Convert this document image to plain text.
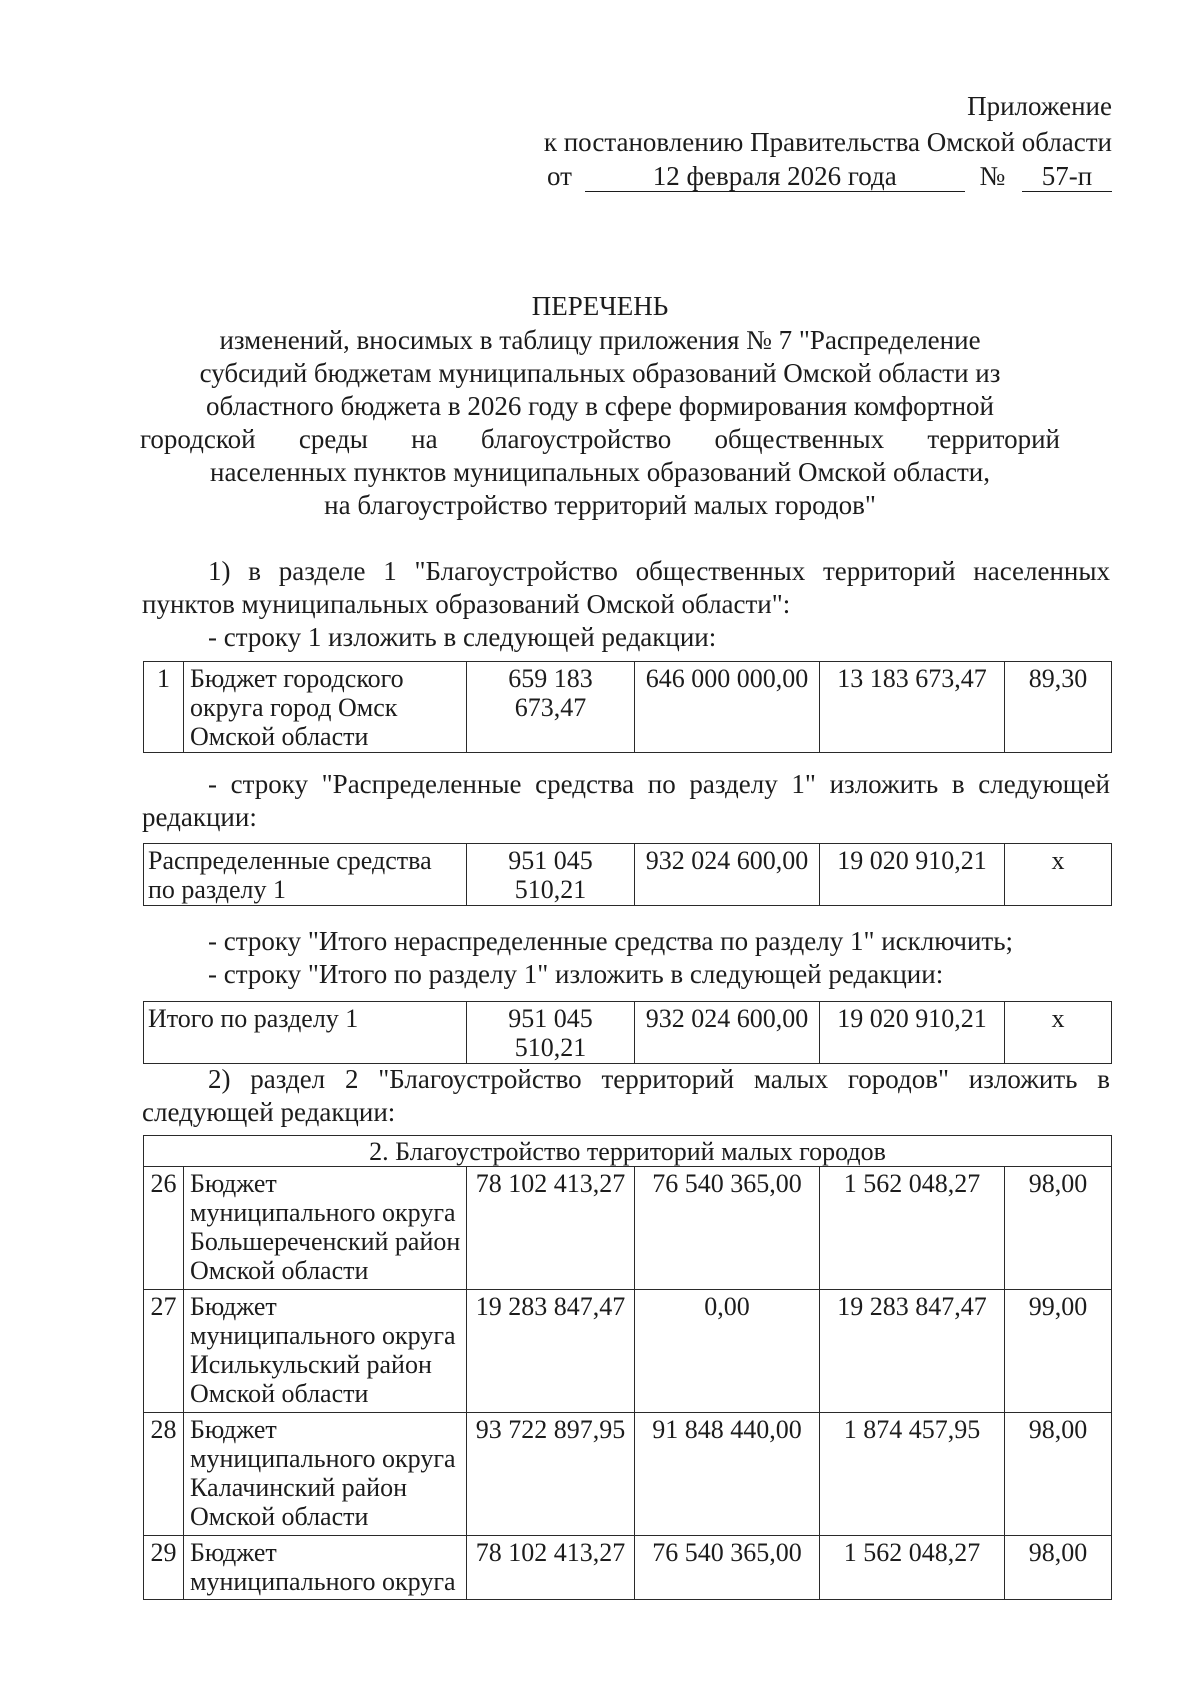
Приложение
к постановлению Правительства Омской области
от	12 февраля 2026 года	№ 57-п
ПЕРЕЧЕНЬ
изменений, вносимых в таблицу приложения № 7 "Распределение
субсидий бюджетам муниципальных образований Омской области из
областного бюджета в 2026 году в сфере формирования комфортной
городской среды на благоустройство общественных территорий
населенных пунктов муниципальных образований Омской области,
на благоустройство территорий малых городов"
1) в разделе 1 "Благоустройство общественных территорий населенных
пунктов муниципальных образований Омской области":
- строку 1 изложить в следующей редакции:
1	Бюджет городского округа город Омск Омской области	659 183 673,47	646 000 000,00	13 183 673,47	89,30
- строку "Распределенные средства по разделу 1" изложить в следующей
редакции:
Распределенные средства по разделу 1	951 045 510,21	932 024 600,00	19 020 910,21	x
- строку "Итого нераспределенные средства по разделу 1" исключить;
- строку "Итого по разделу 1" изложить в следующей редакции:
Итого по разделу 1	951 045 510,21	932 024 600,00	19 020 910,21	x
2) раздел 2 "Благоустройство территорий малых городов" изложить в
следующей редакции:
2. Благоустройство территорий малых городов					
26	Бюджет муниципального округа Большереченский район Омской области	78 102 413,27	76 540 365,00	1 562 048,27	98,00
27	Бюджет муниципального округа Исилькульский район Омской области	19 283 847,47	0,00	19 283 847,47	99,00
28	Бюджет муниципального округа Калачинский район Омской области	93 722 897,95	91 848 440,00	1 874 457,95	98,00
29	Бюджет муниципального округа	78 102 413,27	76 540 365,00	1 562 048,27	98,00
